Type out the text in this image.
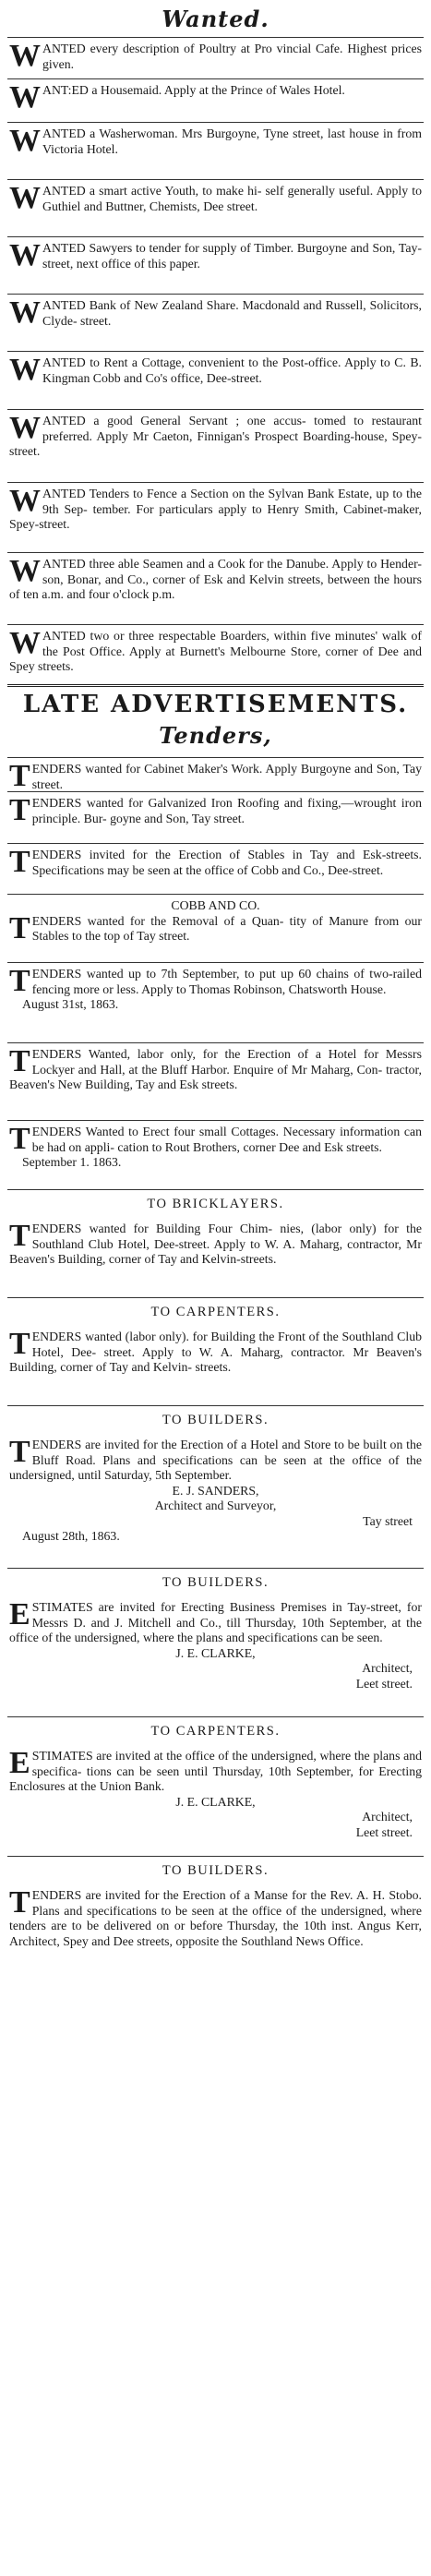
Wanted.
WANTED every description of Poultry at Pro vincial Cafe. Highest prices given.
WANT:ED a Housemaid. Apply at the Prince of Wales Hotel.
WANTED a Washerwoman. Mrs Burgoyne, Tyne street, last house in from Victoria Hotel.
WANTED a smart active Youth, to make hi- self generally useful. Apply to Guthiel and Buttner, Chemists, Dee street.
WANTED Sawyers to tender for supply of Timber. Burgoyne and Son, Tay-street, next office of this paper.
WANTED Bank of New Zealand Share. Macdonald and Russell, Solicitors, Clyde- street.
WANTED to Rent a Cottage, convenient to the Post-office. Apply to C. B. Kingman Cobb and Co's office, Dee-street.
WANTED a good General Servant ; one accus- tomed to restaurant preferred. Apply Mr Caeton, Finnigan's Prospect Boarding-house, Spey-street.
WANTED Tenders to Fence a Section on the Sylvan Bank Estate, up to the 9th Sep- tember. For particulars apply to Henry Smith, Cabinet-maker, Spey-street.
WANTED three able Seamen and a Cook for the Danube. Apply to Hender- son, Bonar, and Co., corner of Esk and Kelvin streets, between the hours of ten a.m. and four o'clock p.m.
WANTED two or three respectable Boarders, within five minutes' walk of the Post Office. Apply at Burnett's Melbourne Store, corner of Dee and Spey streets.
LATE ADVERTISEMENTS.
Tenders,
TENDERS wanted for Cabinet Maker's Work. Apply Burgoyne and Son, Tay street.
TENDERS wanted for Galvanized Iron Roofing and fixing,—wrought iron principle. Bur- goyne and Son, Tay street.
TENDERS invited for the Erection of Stables in Tay and Esk-streets. Specifications may be seen at the office of Cobb and Co., Dee-street.
COBB AND CO.
T ENDERS wanted for the Removal of a Quan- tity of Manure from our Stables to the top of Tay street.
TENDERS wanted up to 7th September, to put up 60 chains of two-railed fencing more or less. Apply to Thomas Robinson, Chatsworth House.
August 31st, 1863.
TENDERS Wanted, labor only, for the Erection of a Hotel for Messrs Lockyer and Hall, at the Bluff Harbor. Enquire of Mr Maharg, Con- tractor, Beaven's New Building, Tay and Esk streets.
TENDERS Wanted to Erect four small Cottages. Necessary information can be had on appli- cation to Rout Brothers, corner Dee and Esk streets.
September 1. 1863.
TO BRICKLAYERS.
TENDERS wanted for Building Four Chim- nies, (labor only) for the Southland Club Hotel, Dee-street. Apply to W. A. Maharg, contractor, Mr Beaven's Building, corner of Tay and Kelvin-streets.
TO CARPENTERS.
TENDERS wanted (labor only). for Building the Front of the Southland Club Hotel, Dee- street. Apply to W. A. Maharg, contractor. Mr Beaven's Building, corner of Tay and Kelvin- streets.
TO BUILDERS.
TENDERS are invited for the Erection of a Hotel and Store to be built on the Bluff Road. Plans and specifications can be seen at the office of the undersigned, until Saturday, 5th September.
E. J. SANDERS,
Architect and Surveyor,
Tay street
August 28th, 1863.
TO BUILDERS.
ESTIMATES are invited for Erecting Business Premises in Tay-street, for Messrs D. and J. Mitchell and Co., till Thursday, 10th September, at the office of the undersigned, where the plans and specifications can be seen.
J. E. CLARKE,
Architect,
Leet street.
TO CARPENTERS.
ESTIMATES are invited at the office of the undersigned, where the plans and specifica- tions can be seen until Thursday, 10th September, for Erecting Enclosures at the Union Bank.
J. E. CLARKE,
Architect,
Leet street.
TO BUILDERS.
TENDERS are invited for the Erection of a Manse for the Rev. A. H. Stobo. Plans and specifications to be seen at the office of the undersigned, where tenders are to be delivered on or before Thursday, the 10th inst. Angus Kerr, Architect, Spey and Dee streets, opposite the Southland News Office.
